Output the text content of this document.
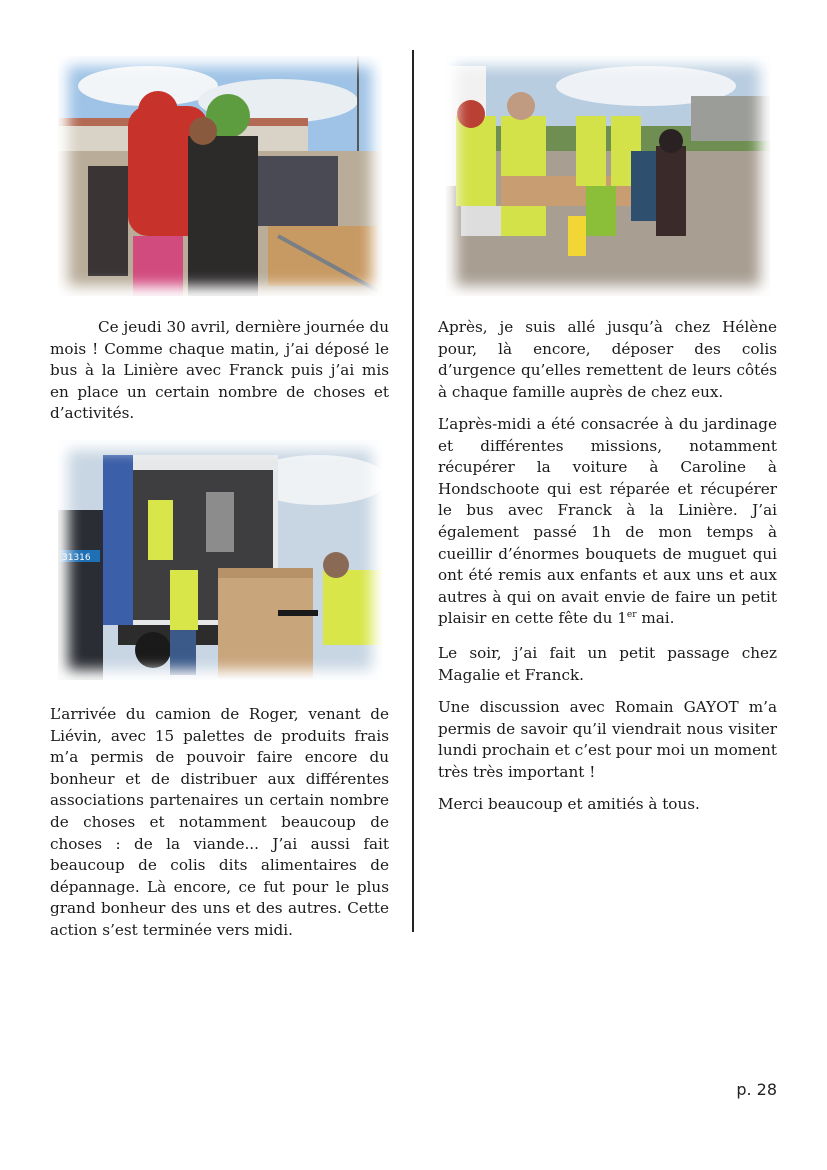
Ce jeudi 30 avril, dernière journée du mois ! Comme chaque matin, j’ai déposé le bus à la Linière avec Franck puis j’ai mis en place un certain nombre de choses et d’activités.

31316

L’arrivée du camion de Roger, venant de Liévin, avec 15 palettes de produits frais m’a permis de pouvoir faire encore du bonheur et de distribuer aux différentes associations partenaires un certain nombre de choses et notamment beaucoup de choses : de la viande... J’ai aussi fait beaucoup de colis dits alimentaires de dépannage. Là encore, ce fut pour le plus grand bonheur des uns et des autres. Cette action s’est terminée vers midi.

Après, je suis allé jusqu’à chez Hélène pour, là encore, déposer des colis d’urgence qu’elles remettent de leurs côtés à chaque famille auprès de chez eux.

L’après-midi a été consacrée à du jardinage et différentes missions, notamment récupérer la voiture à Caroline à Hondschoote qui est réparée et récupérer le bus avec Franck à la Linière. J’ai également passé 1h de mon temps à cueillir d’énormes bouquets de muguet qui ont été remis aux enfants et aux uns et aux autres à qui on avait envie de faire un petit plaisir en cette fête du 1er mai.

Le soir, j’ai fait un petit passage chez Magalie et Franck.

Une discussion avec Romain GAYOT m’a permis de savoir qu’il viendrait nous visiter lundi prochain et c’est pour moi un moment très très important !

Merci beaucoup et amitiés à tous.

p. 28
